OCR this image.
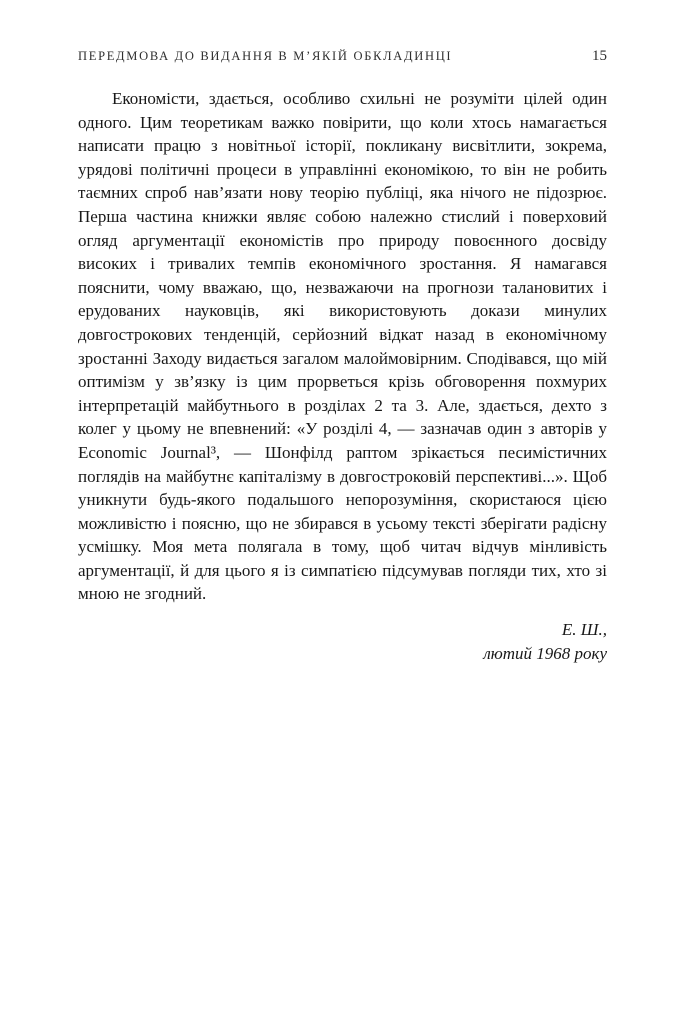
ПЕРЕДМОВА ДО ВИДАННЯ В М’ЯКІЙ ОБКЛАДИНЦІ	15
Економісти, здається, особливо схильні не розуміти цілей один одного. Цим теоретикам важко повірити, що коли хтось намагається написати працю з новітньої історії, покликану висвітлити, зокрема, урядові політичні процеси в управлінні економікою, то він не робить таємних спроб нав’язати нову теорію публіці, яка нічого не підозрює. Перша частина книжки являє собою належно стислий і поверховий огляд аргументації економістів про природу повоєнного досвіду високих і тривалих темпів економічного зростання. Я намагався пояснити, чому вважаю, що, незважаючи на прогнози талановитих і ерудованих науковців, які використовують докази минулих довгострокових тенденцій, серйозний відкат назад в економічному зростанні Заходу видається загалом малоймовірним. Сподівався, що мій оптимізм у зв’язку із цим прорветься крізь обговорення похмурих інтерпретацій майбутнього в розділах 2 та 3. Але, здається, дехто з колег у цьому не впевнений: «У розділі 4, — зазначав один з авторів у Economic Journal³, — Шонфілд раптом зрікається песимістичних поглядів на майбутнє капіталізму в довгостроковій перспективі...». Щоб уникнути будь-якого подальшого непорозуміння, скористаюся цією можливістю і поясню, що не збирався в усьому тексті зберігати радісну усмішку. Моя мета полягала в тому, щоб читач відчув мінливість аргументації, й для цього я із симпатією підсумував погляди тих, хто зі мною не згодний.
Е. Ш.,
лютий 1968 року
